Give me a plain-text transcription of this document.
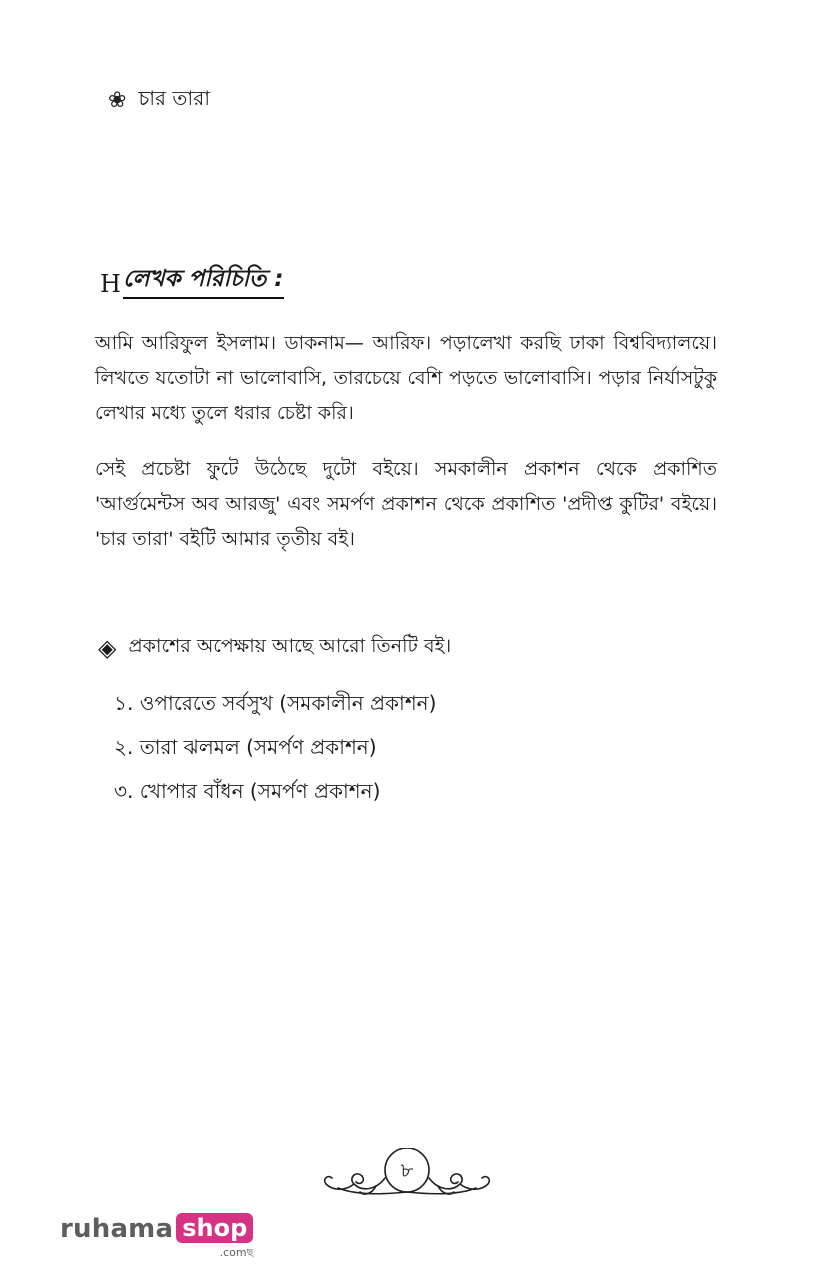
❀ চার তারা
H লেখক পরিচিতি :

আমি আরিফুল ইসলাম। ডাকনাম— আরিফ। পড়ালেখা করছি ঢাকা বিশ্ববিদ্যালয়ে। লিখতে যতোটা না ভালোবাসি, তারচেয়ে বেশি পড়তে ভালোবাসি। পড়ার নির্যাসটুকু লেখার মধ্যে তুলে ধরার চেষ্টা করি।

সেই প্রচেষ্টা ফুটে উঠেছে দুটো বইয়ে। সমকালীন প্রকাশন থেকে প্রকাশিত 'আর্গুমেন্টস অব আরজু' এবং সমর্পণ প্রকাশন থেকে প্রকাশিত 'প্রদীপ্ত কুটির' বইয়ে। 'চার তারা' বইটি আমার তৃতীয় বই।

◈ প্রকাশের অপেক্ষায় আছে আরো তিনটি বই।
১. ওপারেতে সর্বসুখ (সমকালীন প্রকাশন)
২. তারা ঝলমল (সমর্পণ প্রকাশন)
৩. খোপার বাঁধন (সমর্পণ প্রকাশন)
৮
ruhama shop
.comছ
